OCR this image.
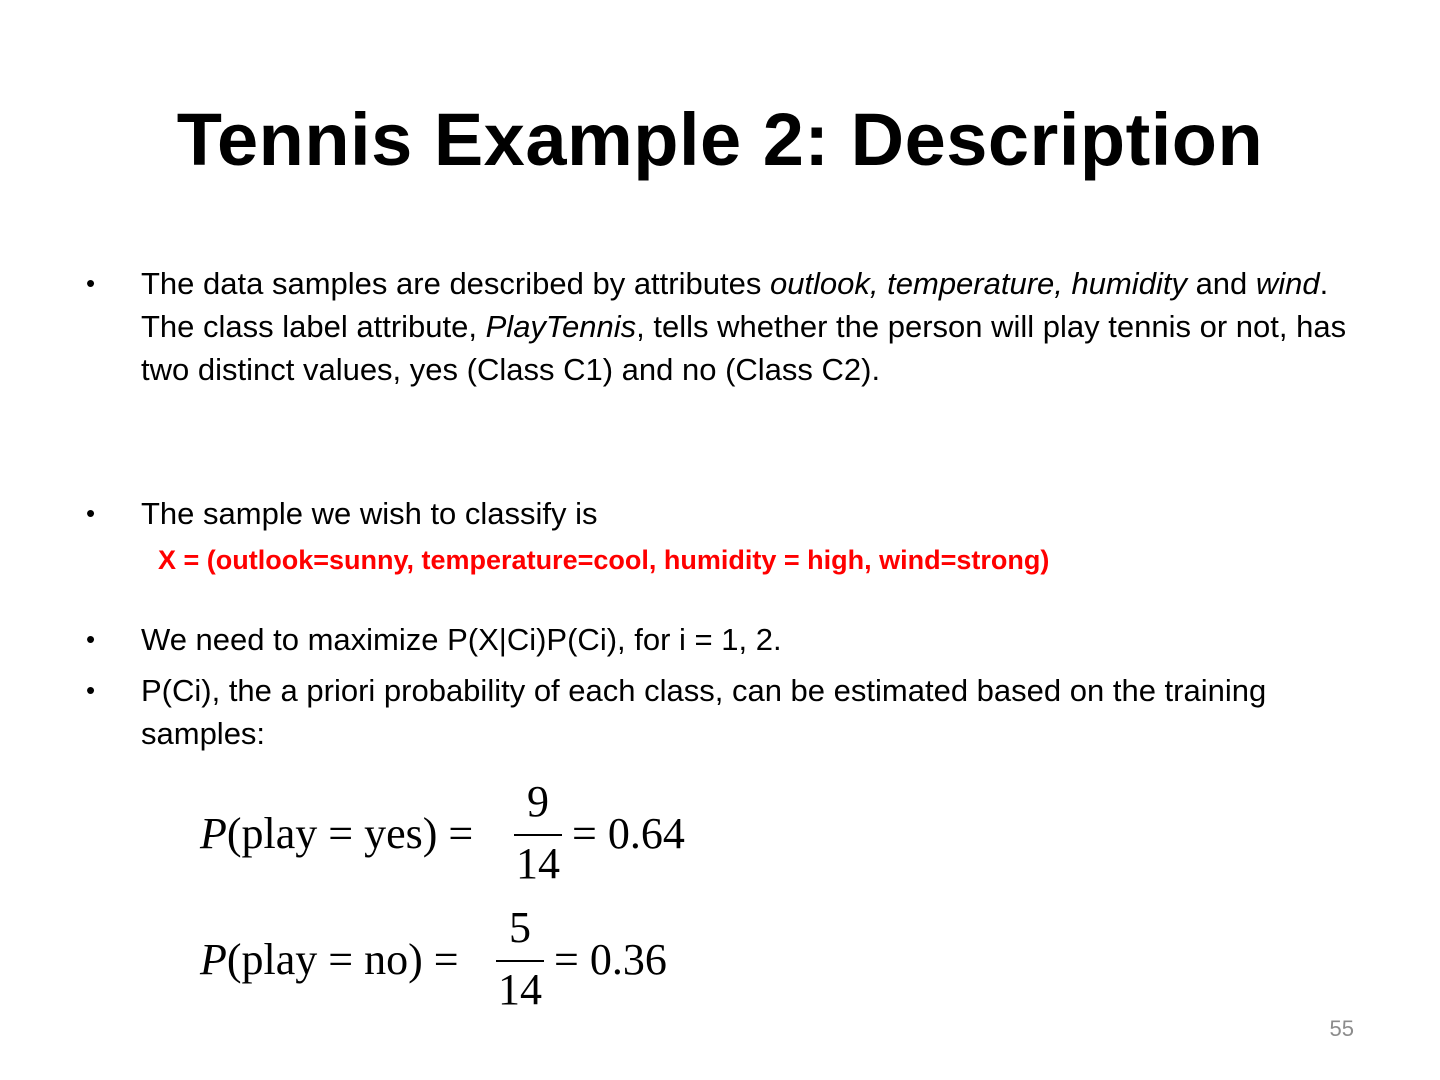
Tennis Example 2: Description
• The data samples are described by attributes outlook, temperature, humidity and wind. The class label attribute, PlayTennis, tells whether the person will play tennis or not, has two distinct values, yes (Class C1) and no (Class C2).
• The sample we wish to classify is
X = (outlook=sunny, temperature=cool, humidity = high, wind=strong)
• We need to maximize P(X|Ci)P(Ci), for i = 1, 2.
• P(Ci), the a priori probability of each class, can be estimated based on the training samples:
P(play = yes) =
9
14
= 0.64
P(play = no) =
5
14
= 0.36
55
